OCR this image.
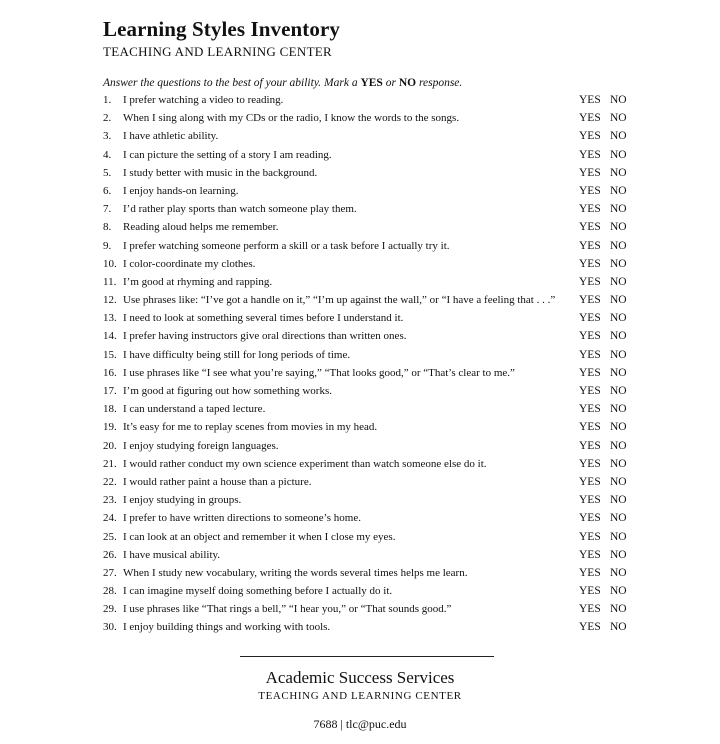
Learning Styles Inventory
TEACHING AND LEARNING CENTER
Answer the questions to the best of your ability. Mark a YES or NO response.
1.	I prefer watching a video to reading.	YES NO
2.	When I sing along with my CDs or the radio, I know the words to the songs.	YES NO
3.	I have athletic ability.	YES NO
4.	I can picture the setting of a story I am reading.	YES NO
5.	I study better with music in the background.	YES NO
6.	I enjoy hands-on learning.	YES NO
7.	I’d rather play sports than watch someone play them.	YES NO
8.	Reading aloud helps me remember.	YES NO
9.	I prefer watching someone perform a skill or a task before I actually try it.	YES NO
10. I color-coordinate my clothes.	YES NO
11. I’m good at rhyming and rapping.	YES NO
12. Use phrases like: “I’ve got a handle on it,” “I’m up against the wall,” or “I have a feeling that . . .” YES NO
13. I need to look at something several times before I understand it.	YES NO
14. I prefer having instructors give oral directions than written ones.	YES NO
15. I have difficulty being still for long periods of time.	YES NO
16. I use phrases like “I see what you’re saying,” “That looks good,” or “That’s clear to me.”	YES NO
17. I’m good at figuring out how something works.	YES NO
18. I can understand a taped lecture.	YES NO
19. It’s easy for me to replay scenes from movies in my head.	YES NO
20. I enjoy studying foreign languages.	YES NO
21. I would rather conduct my own science experiment than watch someone else do it.	YES NO
22. I would rather paint a house than a picture.	YES NO
23. I enjoy studying in groups.	YES NO
24. I prefer to have written directions to someone’s home.	YES NO
25. I can look at an object and remember it when I close my eyes.	YES NO
26. I have musical ability.	YES NO
27. When I study new vocabulary, writing the words several times helps me learn.	YES NO
28. I can imagine myself doing something before I actually do it.	YES NO
29. I use phrases like “That rings a bell,” “I hear you,” or “That sounds good.”	YES NO
30. I enjoy building things and working with tools.	YES NO
Academic Success Services
TEACHING AND LEARNING CENTER
7688 | tlc@puc.edu
